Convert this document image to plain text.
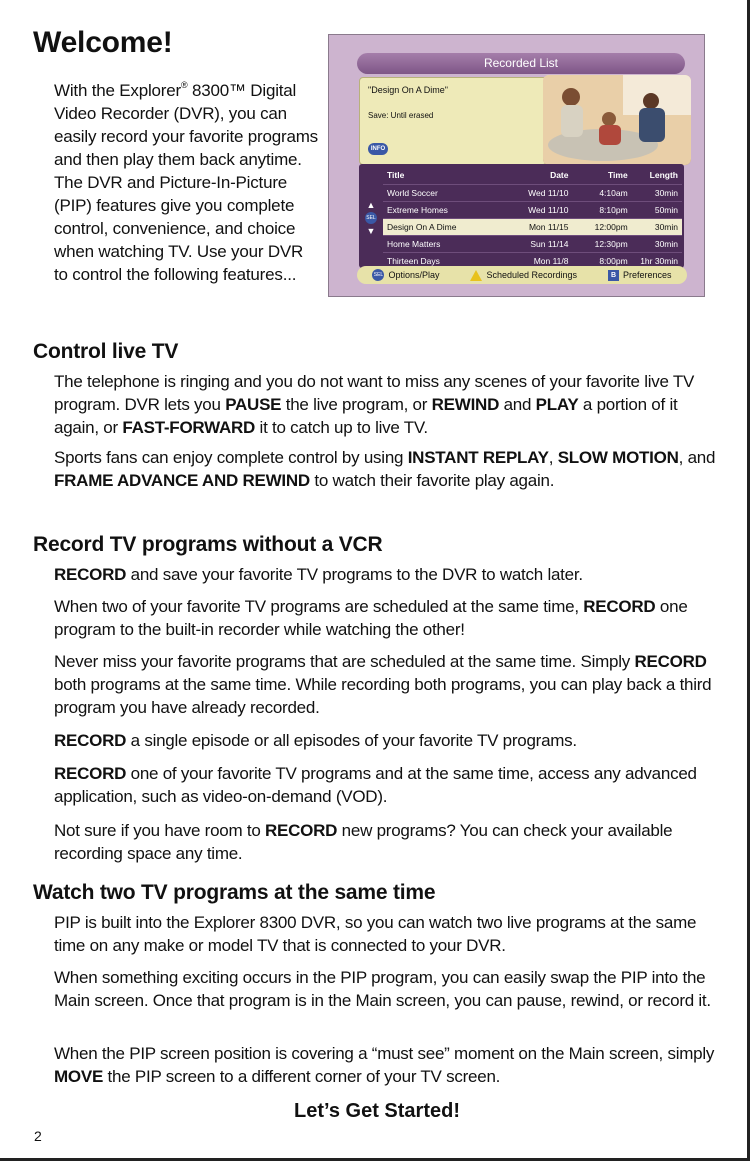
Welcome!

With the Explorer® 8300™ Digital Video Recorder (DVR), you can easily record your favorite programs and then play them back anytime. The DVR and Picture-In-Picture (PIP) features give you complete control, convenience, and choice when watching TV. Use your DVR to control the following features...

Recorded List
"Design On A Dime"
Save: Until erased
INFO
Title	Date	Time	Length
World Soccer	Wed 11/10	4:10am	30min
Extreme Homes	Wed 11/10	8:10pm	50min
Design On A Dime	Mon 11/15	12:00pm	30min
Home Matters	Sun 11/14	12:30pm	30min
Thirteen Days	Mon 11/8	8:00pm	1hr 30min
▲
SEL
▼
SEL Options/Play	Scheduled Recordings	B Preferences
Control live TV

The telephone is ringing and you do not want to miss any scenes of your favorite live TV program. DVR lets you PAUSE the live program, or REWIND and PLAY a portion of it again, or FAST-FORWARD it to catch up to live TV.

Sports fans can enjoy complete control by using INSTANT REPLAY, SLOW MOTION, and FRAME ADVANCE AND REWIND to watch their favorite play again.

Record TV programs without a VCR

RECORD and save your favorite TV programs to the DVR to watch later.

When two of your favorite TV programs are scheduled at the same time, RECORD one program to the built-in recorder while watching the other!

Never miss your favorite programs that are scheduled at the same time. Simply RECORD both programs at the same time. While recording both programs, you can play back a third program you have already recorded.

RECORD a single episode or all episodes of your favorite TV programs.

RECORD one of your favorite TV programs and at the same time, access any advanced application, such as video-on-demand (VOD).

Not sure if you have room to RECORD new programs? You can check your available recording space any time.

Watch two TV programs at the same time

PIP is built into the Explorer 8300 DVR, so you can watch two live programs at the same time on any make or model TV that is connected to your DVR.

When something exciting occurs in the PIP program, you can easily swap the PIP into the Main screen. Once that program is in the Main screen, you can pause, rewind, or record it.

When the PIP screen position is covering a “must see” moment on the Main screen, simply MOVE the PIP screen to a different corner of your TV screen.

Let’s Get Started!

2
